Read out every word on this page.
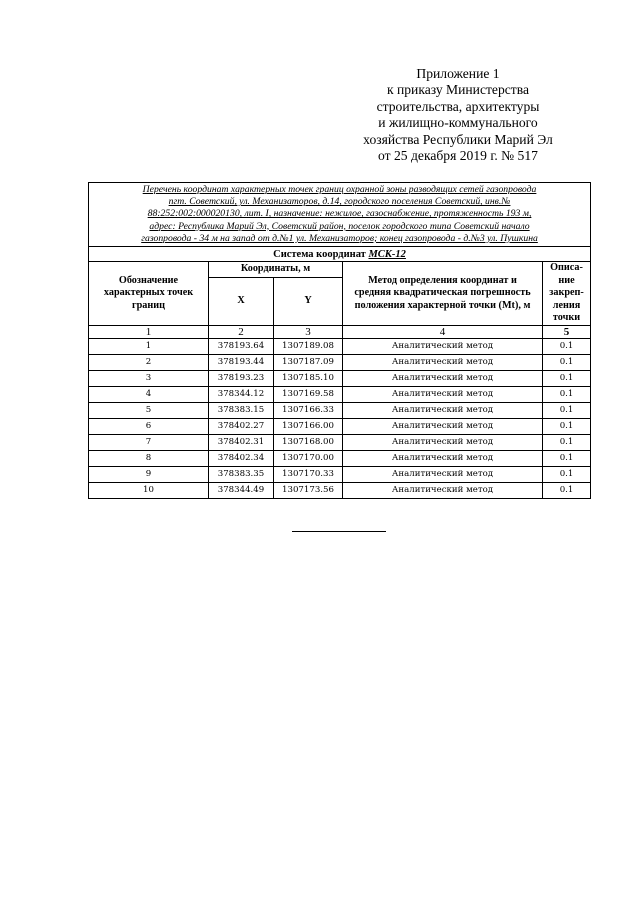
Приложение 1
к приказу Министерства
строительства, архитектуры
и жилищно-коммунального
хозяйства Республики Марий Эл
от 25 декабря 2019 г. № 517
Перечень координат характерных точек границ охранной зоны разводящих сетей газопровода
пгт. Советский, ул. Механизаторов, д.14, городского поселения Советский, инв.№
88:252:002:000020130, лит. I, назначение: нежилое, газоснабжение, протяженность 193 м,
адрес: Республика Марий Эл, Советский район, поселок городского типа Советский начало
газопровода - 34 м на запад от д.№1 ул. Механизаторов; конец газопровода - д.№3 ул. Пушкина				

Система координат МСК-12				
Обозначение характерных точек границ	Координаты, м		Метод определения координат и средняя квадратическая погрешность положения характерной точки (Mt), м	Описа-ние закреп-ления точки
	X	Y		
1	2	3	4	5
1	378193.64	1307189.08	Аналитический метод	0.1
2	378193.44	1307187.09	Аналитический метод	0.1
3	378193.23	1307185.10	Аналитический метод	0.1
4	378344.12	1307169.58	Аналитический метод	0.1
5	378383.15	1307166.33	Аналитический метод	0.1
6	378402.27	1307166.00	Аналитический метод	0.1
7	378402.31	1307168.00	Аналитический метод	0.1
8	378402.34	1307170.00	Аналитический метод	0.1
9	378383.35	1307170.33	Аналитический метод	0.1
10	378344.49	1307173.56	Аналитический метод	0.1
